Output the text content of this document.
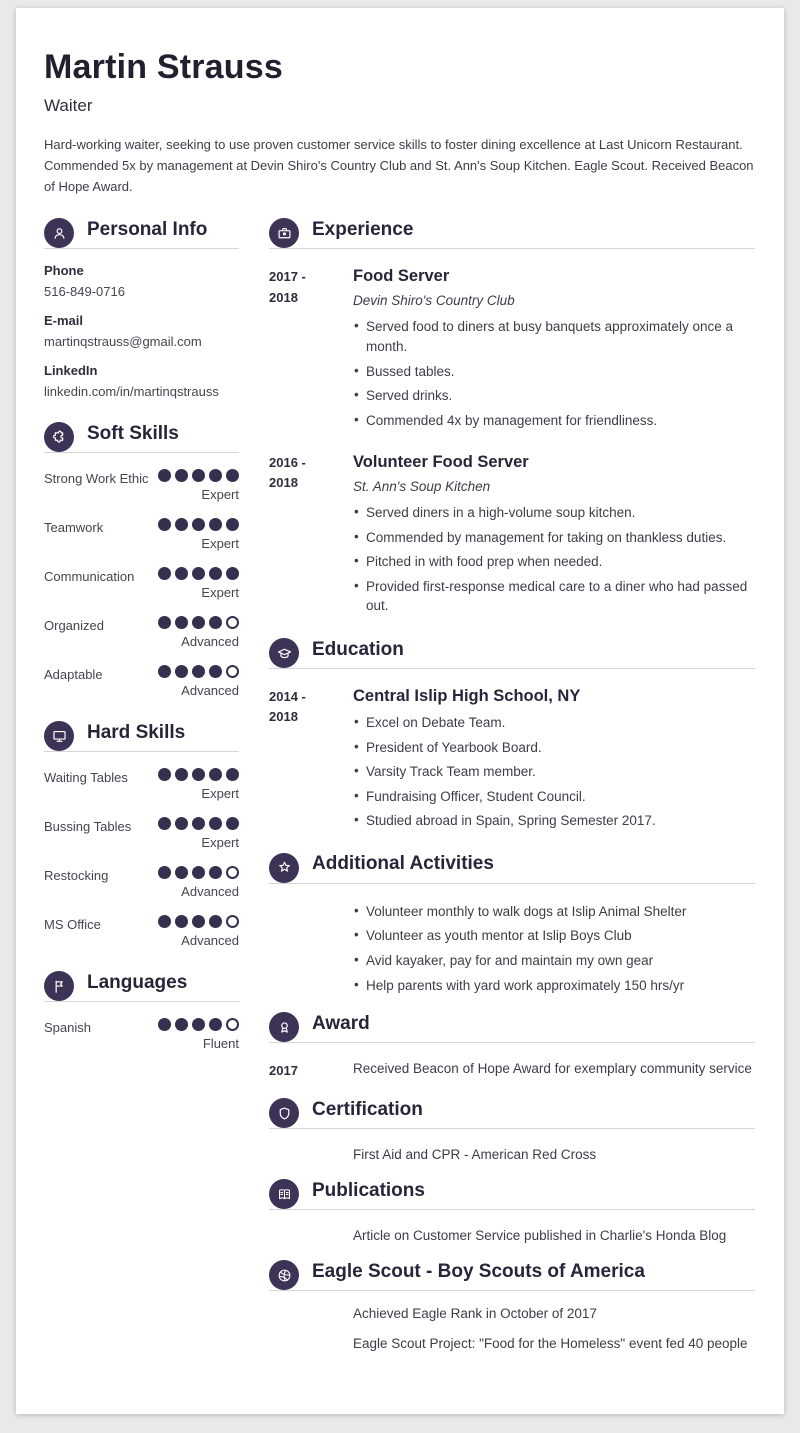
Martin Strauss
Waiter
Hard-working waiter, seeking to use proven customer service skills to foster dining excellence at Last Unicorn Restaurant. Commended 5x by management at Devin Shiro's Country Club and St. Ann's Soup Kitchen. Eagle Scout. Received Beacon of Hope Award.
Personal Info
Phone
516-849-0716
E-mail
martinqstrauss@gmail.com
LinkedIn
linkedin.com/in/martinqstrauss
Soft Skills
Strong Work Ethic
Expert
Teamwork
Expert
Communication
Expert
Organized
Advanced
Adaptable
Advanced
Hard Skills
Waiting Tables
Expert
Bussing Tables
Expert
Restocking
Advanced
MS Office
Advanced
Languages
Spanish
Fluent
Experience
2017 -
2018
Food Server
Devin Shiro's Country Club
• Served food to diners at busy banquets approximately once a month.
• Bussed tables.
• Served drinks.
• Commended 4x by management for friendliness.
2016 -
2018
Volunteer Food Server
St. Ann's Soup Kitchen
• Served diners in a high-volume soup kitchen.
• Commended by management for taking on thankless duties.
• Pitched in with food prep when needed.
• Provided first-response medical care to a diner who had passed out.
Education
2014 -
2018
Central Islip High School, NY
• Excel on Debate Team.
• President of Yearbook Board.
• Varsity Track Team member.
• Fundraising Officer, Student Council.
• Studied abroad in Spain, Spring Semester 2017.
Additional Activities
• Volunteer monthly to walk dogs at Islip Animal Shelter
• Volunteer as youth mentor at Islip Boys Club
• Avid kayaker, pay for and maintain my own gear
• Help parents with yard work approximately 150 hrs/yr
Award
2017	Received Beacon of Hope Award for exemplary community service
Certification
First Aid and CPR - American Red Cross
Publications
Article on Customer Service published in Charlie's Honda Blog
Eagle Scout - Boy Scouts of America
Achieved Eagle Rank in October of 2017
Eagle Scout Project: "Food for the Homeless" event fed 40 people
